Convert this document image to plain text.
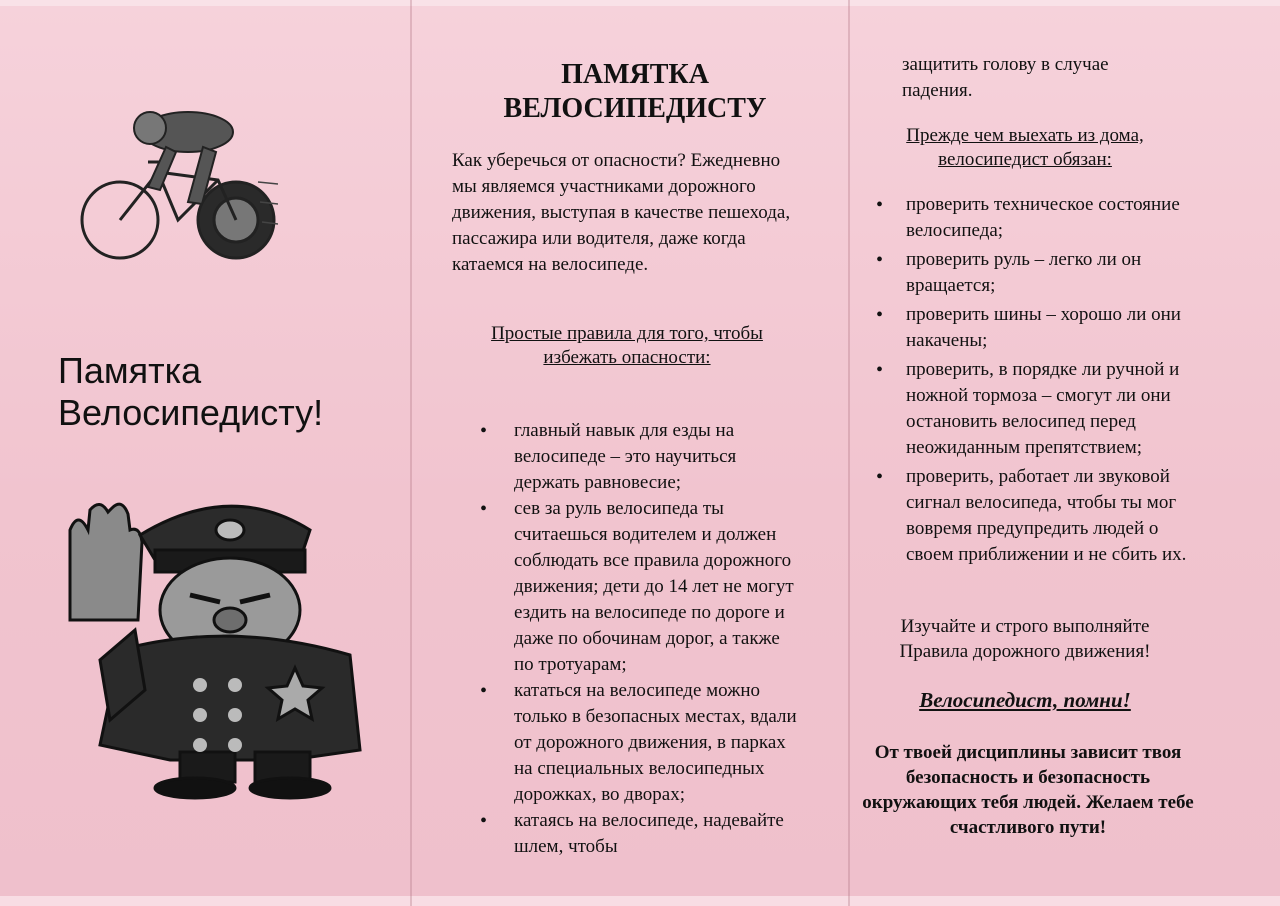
Памятка Велосипедисту!
ПАМЯТКА ВЕЛОСИПЕДИСТУ
Как уберечься от опасности? Ежедневно мы являемся участниками дорожного движения, выступая в качестве пешехода, пассажира или водителя, даже когда катаемся на велосипеде.
Простые правила для того, чтобы избежать опасности:
• главный навык для езды на велосипеде – это научиться держать равновесие;
• сев за руль велосипеда ты считаешься водителем и должен соблюдать все правила дорожного движения; дети до 14 лет не могут ездить на велосипеде по дороге и даже по обочинам дорог, а также по тротуарам;
• кататься на велосипеде можно только в безопасных местах, вдали от дорожного движения, в парках на специальных велосипедных дорожках, во дворах;
• катаясь на велосипеде, надевайте шлем, чтобы
защитить голову в случае падения.
Прежде чем выехать из дома, велосипедист обязан:
• проверить техническое состояние велосипеда;
• проверить руль – легко ли он вращается;
• проверить шины – хорошо ли они накачены;
• проверить, в порядке ли ручной и ножной тормоза – смогут ли они остановить велосипед перед неожиданным препятствием;
• проверить, работает ли звуковой сигнал велосипеда, чтобы ты мог вовремя предупредить людей о своем приближении и не сбить их.
Изучайте и строго выполняйте Правила дорожного движения!
Велосипедист, помни!
От твоей дисциплины зависит твоя безопасность и безопасность окружающих тебя людей. Желаем тебе счастливого пути!
